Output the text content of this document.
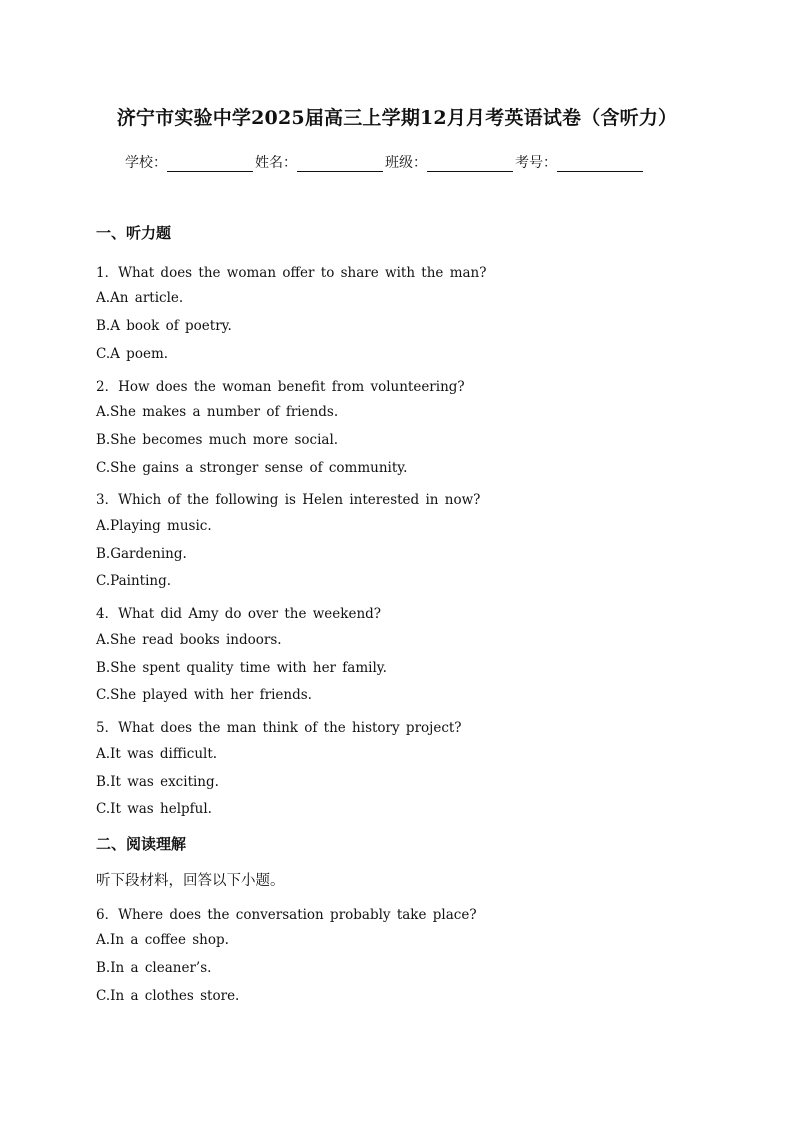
济宁市实验中学2025届高三上学期12月月考英语试卷（含听力）
学校：	姓名：	班级：	考号：
一、听力题
1．What does the woman offer to share with the man?
A.An article.
B.A book of poetry.
C.A poem.
2．How does the woman benefit from volunteering?
A.She makes a number of friends.
B.She becomes much more social.
C.She gains a stronger sense of community.
3．Which of the following is Helen interested in now?
A.Playing music.
B.Gardening.
C.Painting.
4．What did Amy do over the weekend?
A.She read books indoors.
B.She spent quality time with her family.
C.She played with her friends.
5．What does the man think of the history project?
A.It was difficult.
B.It was exciting.
C.It was helpful.
二、阅读理解
听下段材料，回答以下小题。
6．Where does the conversation probably take place?
A.In a coffee shop.
B.In a cleaner’s.
C.In a clothes store.
